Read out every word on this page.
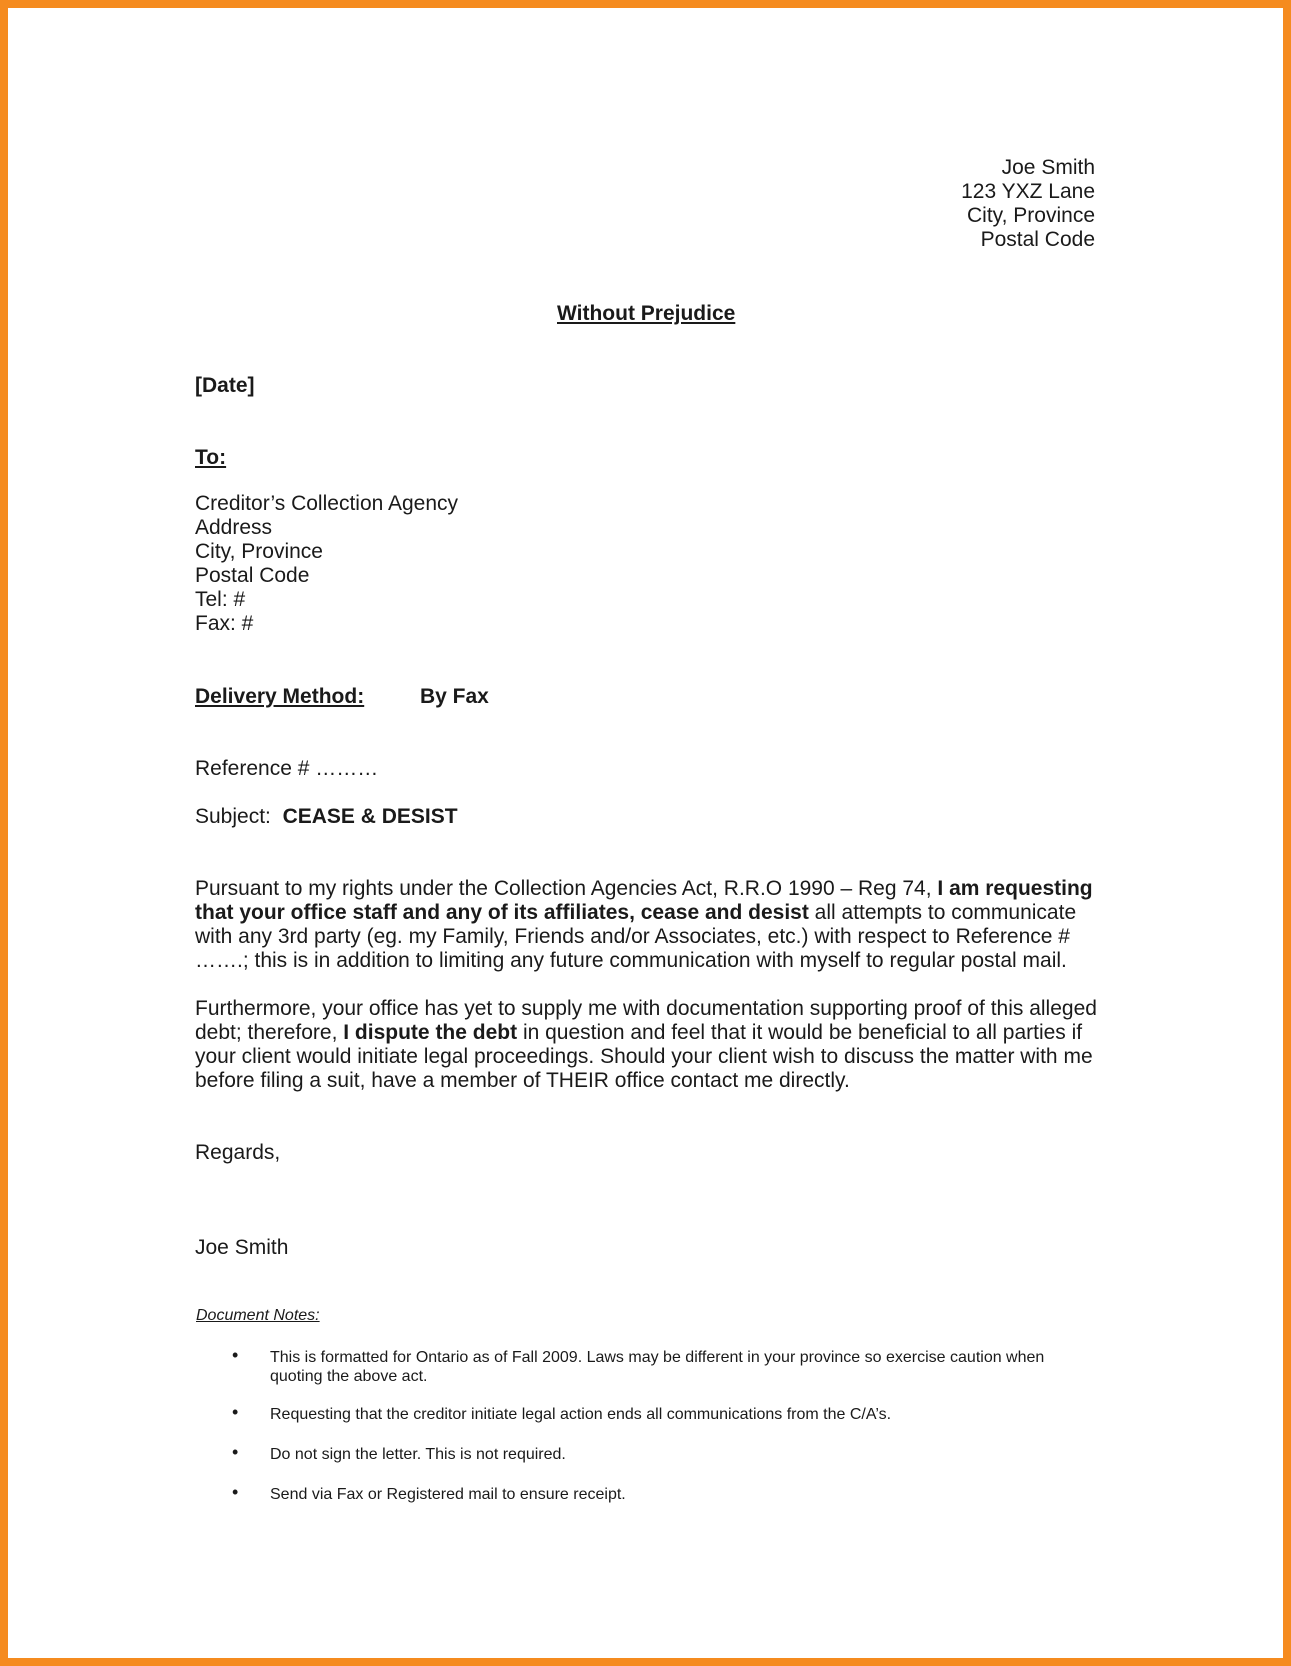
Joe Smith
123 YXZ Lane
City, Province
Postal Code
Without Prejudice
[Date]
To:
Creditor’s Collection Agency
Address
City, Province
Postal Code
Tel: #
Fax: #
Delivery Method:	By Fax
Reference # ………
Subject: CEASE & DESIST
Pursuant to my rights under the Collection Agencies Act, R.R.O 1990 – Reg 74, I am requesting that your office staff and any of its affiliates, cease and desist all attempts to communicate with any 3rd party (eg. my Family, Friends and/or Associates, etc.) with respect to Reference # …….; this is in addition to limiting any future communication with myself to regular postal mail.
Furthermore, your office has yet to supply me with documentation supporting proof of this alleged debt; therefore, I dispute the debt in question and feel that it would be beneficial to all parties if your client would initiate legal proceedings. Should your client wish to discuss the matter with me before filing a suit, have a member of THEIR office contact me directly.
Regards,
Joe Smith
Document Notes:
• This is formatted for Ontario as of Fall 2009. Laws may be different in your province so exercise caution when quoting the above act.
• Requesting that the creditor initiate legal action ends all communications from the C/A’s.
• Do not sign the letter. This is not required.
• Send via Fax or Registered mail to ensure receipt.
